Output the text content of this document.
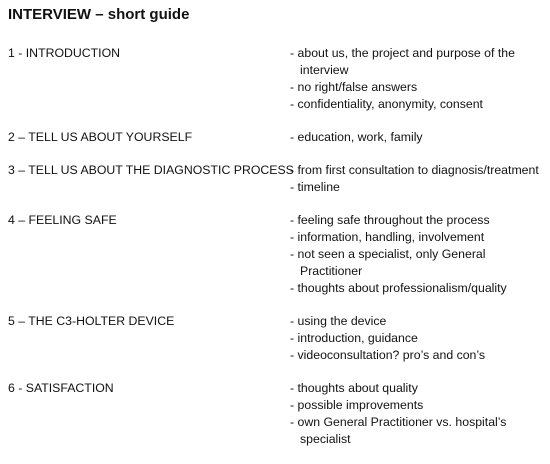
INTERVIEW – short guide
1 - INTRODUCTION	- about us, the project and purpose of the interview
- no right/false answers
- confidentiality, anonymity, consent
2 – TELL US ABOUT YOURSELF	- education, work, family
3 – TELL US ABOUT THE DIAGNOSTIC PROCESS
- from first consultation to diagnosis/treatment
- timeline
4 – FEELING SAFE	- feeling safe throughout the process
- information, handling, involvement
- not seen a specialist, only General Practitioner
- thoughts about professionalism/quality
5 – THE C3-HOLTER DEVICE	- using the device
- introduction, guidance
- videoconsultation? pro’s and con’s
6 - SATISFACTION	- thoughts about quality
- possible improvements
- own General Practitioner vs. hospital’s specialist
